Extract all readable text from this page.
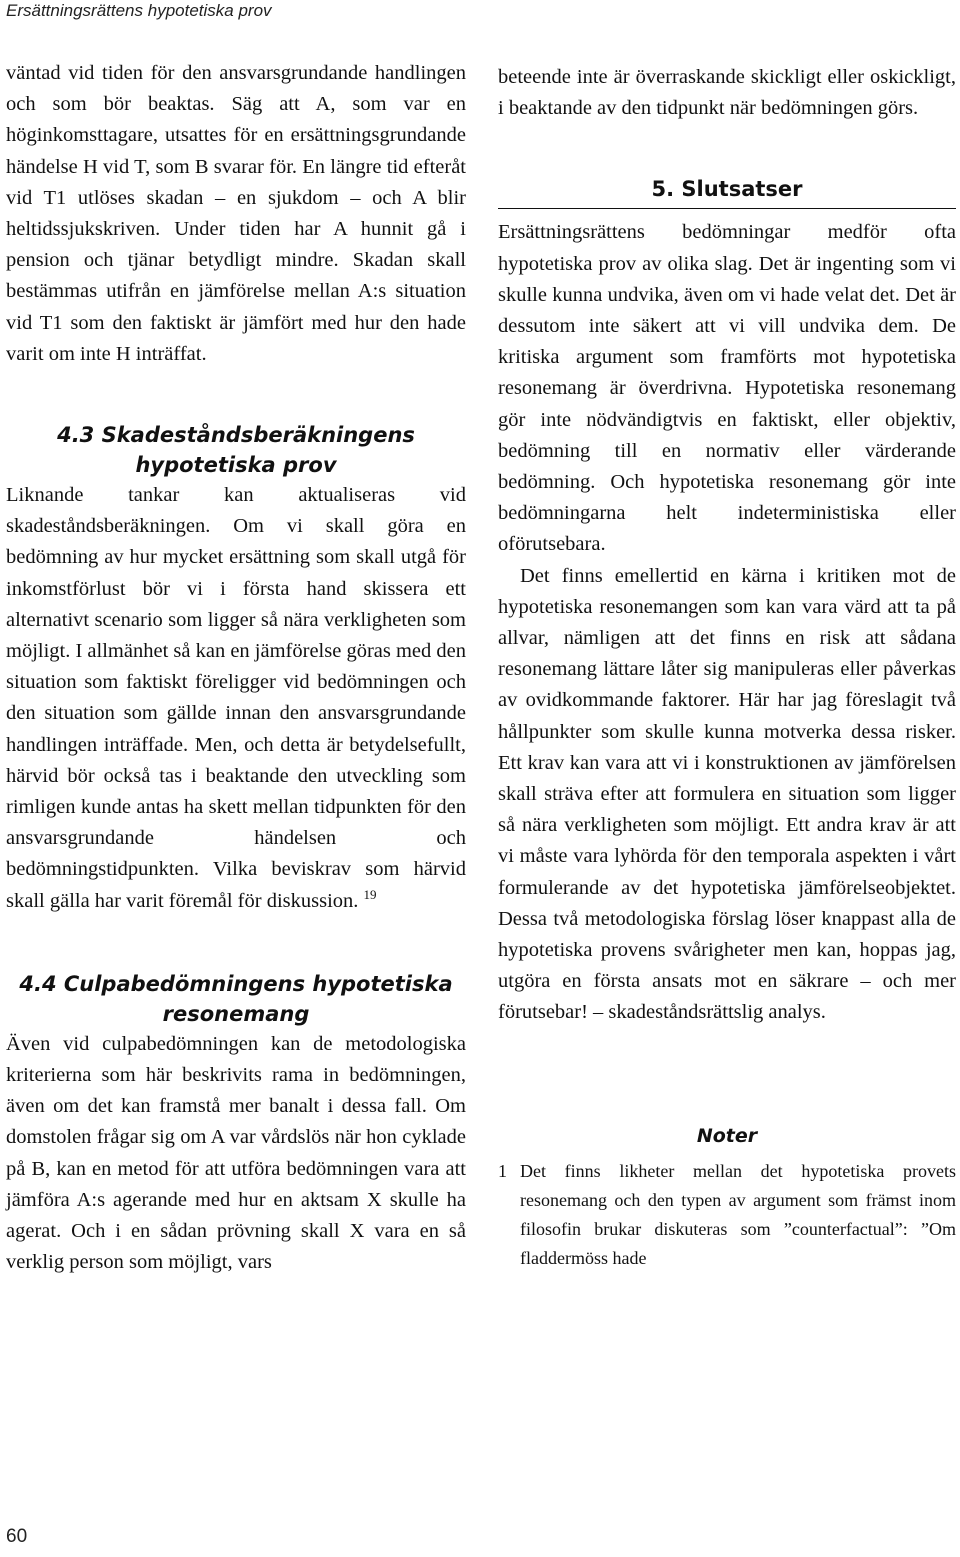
Ersättningsrättens hypotetiska prov

väntad vid tiden för den ansvarsgrundande handlingen och som bör beaktas. Säg att A, som var en höginkomsttagare, utsattes för en ersättningsgrundande händelse H vid T, som B svarar för. En längre tid efteråt vid T1 utlöses skadan – en sjukdom – och A blir heltidssjukskriven. Under tiden har A hunnit gå i pension och tjänar betydligt mindre. Skadan skall bestämmas utifrån en jämförelse mellan A:s situation vid T1 som den faktiskt är jämfört med hur den hade varit om inte H inträffat.

4.3 Skadeståndsberäkningens
hypotetiska prov

Liknande tankar kan aktualiseras vid skadeståndsberäkningen. Om vi skall göra en bedömning av hur mycket ersättning som skall utgå för inkomstförlust bör vi i första hand skissera ett alternativt scenario som ligger så nära verkligheten som möjligt. I allmänhet så kan en jämförelse göras med den situation som faktiskt föreligger vid bedömningen och den situation som gällde innan den ansvarsgrundande handlingen inträffade. Men, och detta är betydelsefullt, härvid bör också tas i beaktande den utveckling som rimligen kunde antas ha skett mellan tidpunkten för den ansvarsgrundande händelsen och bedömningstidpunkten. Vilka beviskrav som härvid skall gälla har varit föremål för diskussion. $^{19}$

4.4 Culpabedömningens hypotetiska
resonemang

Även vid culpabedömningen kan de metodologiska kriterierna som här beskrivits rama in bedömningen, även om det kan framstå mer banalt i dessa fall. Om domstolen frågar sig om A var vårdslös när hon cyklade på B, kan en metod för att utföra bedömningen vara att jämföra A:s agerande med hur en aktsam X skulle ha agerat. Och i en sådan prövning skall X vara en så verklig person som möjligt, vars

beteende inte är överraskande skickligt eller oskickligt, i beaktande av den tidpunkt när bedömningen görs.

5. Slutsatser

Ersättningsrättens bedömningar medför ofta hypotetiska prov av olika slag. Det är ingenting som vi skulle kunna undvika, även om vi hade velat det. Det är dessutom inte säkert att vi vill undvika dem. De kritiska argument som framförts mot hypotetiska resonemang är överdrivna. Hypotetiska resonemang gör inte nödvändigtvis en faktiskt, eller objektiv, bedömning till en normativ eller värderande bedömning. Och hypotetiska resonemang gör inte bedömningarna helt indeterministiska eller oförutsebara.

Det finns emellertid en kärna i kritiken mot de hypotetiska resonemangen som kan vara värd att ta på allvar, nämligen att det finns en risk att sådana resonemang lättare låter sig manipuleras eller påverkas av ovidkommande faktorer. Här har jag föreslagit två hållpunkter som skulle kunna motverka dessa risker. Ett krav kan vara att vi i konstruktionen av jämförelsen skall sträva efter att formulera en situation som ligger så nära verkligheten som möjligt. Ett andra krav är att vi måste vara lyhörda för den temporala aspekten i vårt formulerande av det hypotetiska jämförelseobjektet. Dessa två metodologiska förslag löser knappast alla de hypotetiska provens svårigheter men kan, hoppas jag, utgöra en första ansats mot en säkrare – och mer förutsebar! – skadeståndsrättslig analys.

Noter
1 Det finns likheter mellan det hypotetiska provets resonemang och den typen av argument som främst inom filosofin brukar diskuteras som ”counterfactual”: ”Om fladdermöss hade
60
